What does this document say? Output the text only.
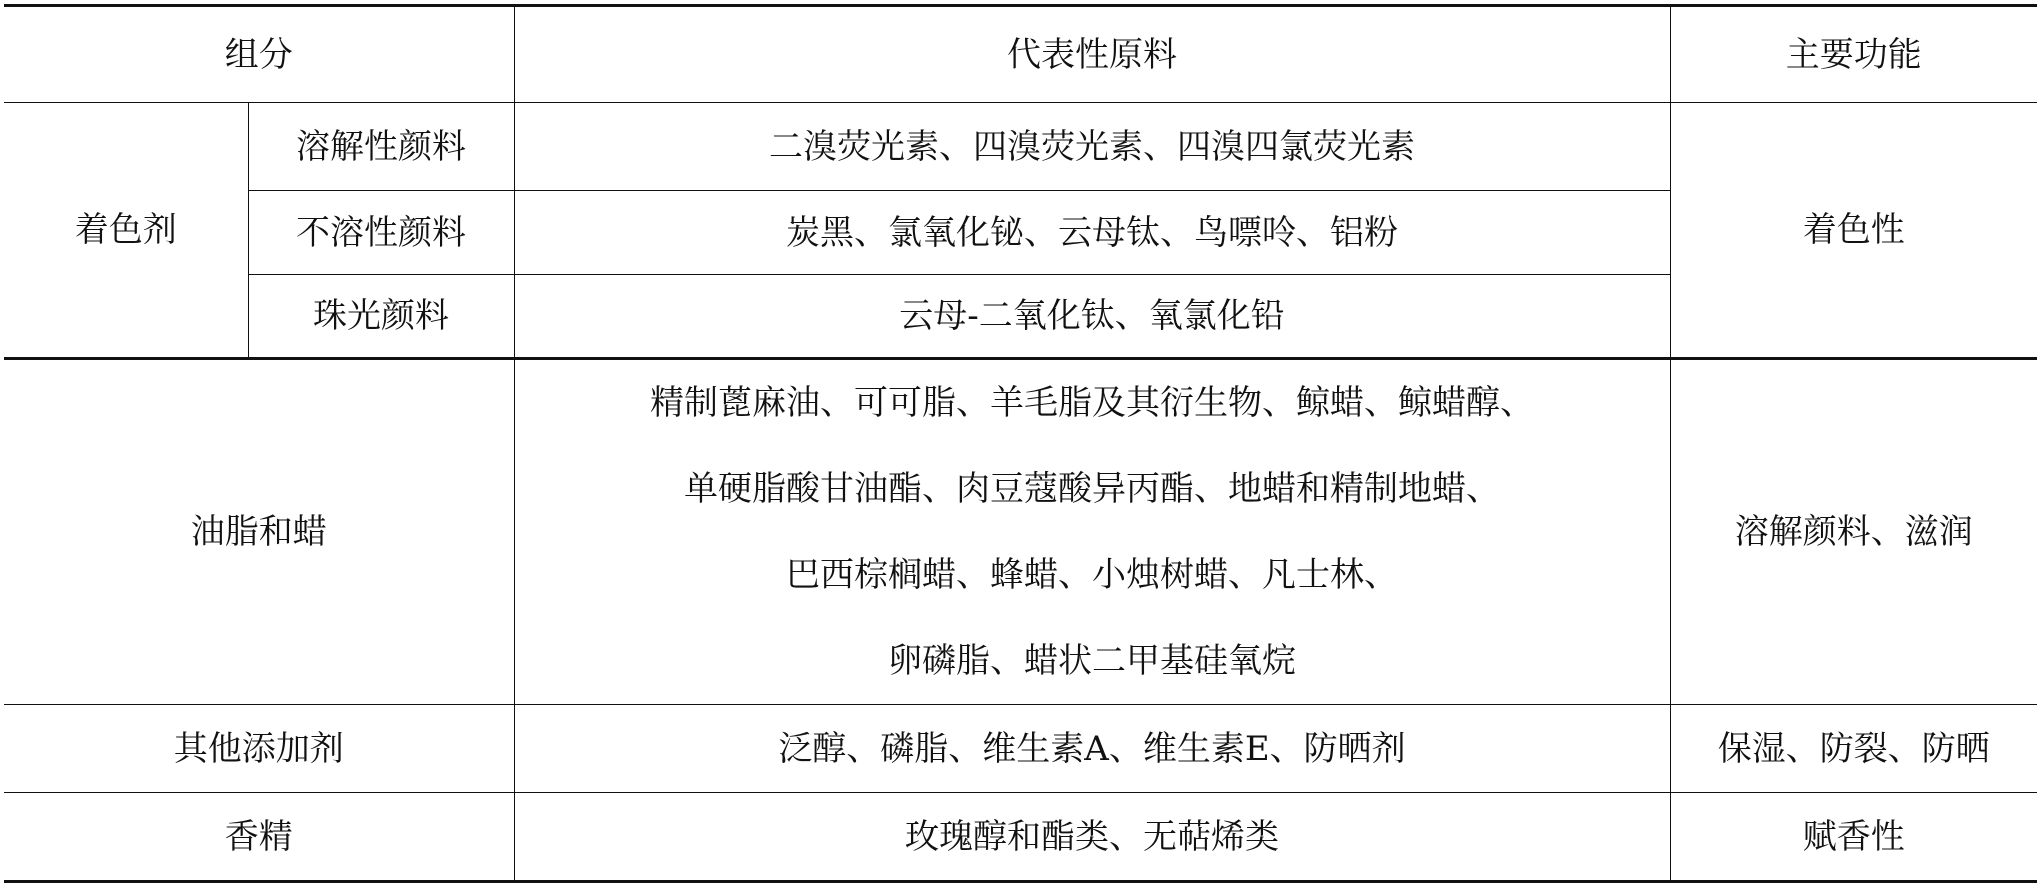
组分		代表性原料	主要功能
着色剂	溶解性颜料	二溴荧光素、四溴荧光素、四溴四氯荧光素	着色性
	不溶性颜料	炭黑、氯氧化铋、云母钛、鸟嘌呤、铝粉	
	珠光颜料	云母-二氧化钛、氧氯化铅	
油脂和蜡		精制蓖麻油、可可脂、羊毛脂及其衍生物、鲸蜡、鲸蜡醇、
单硬脂酸甘油酯、肉豆蔻酸异丙酯、地蜡和精制地蜡、
巴西棕榈蜡、蜂蜡、小烛树蜡、凡士林、
卵磷脂、蜡状二甲基硅氧烷	溶解颜料、滋润
其他添加剂		泛醇、磷脂、维生素A、维生素E、防晒剂	保湿、防裂、防晒
香精		玫瑰醇和酯类、无萜烯类	赋香性
